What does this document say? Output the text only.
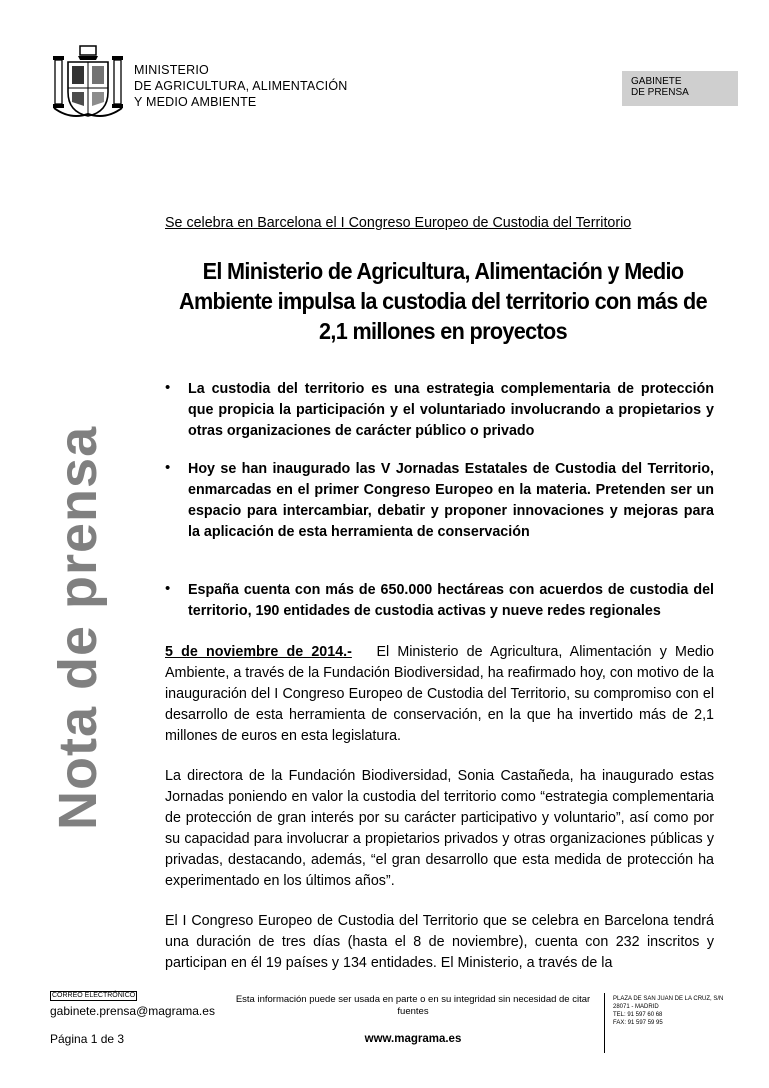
MINISTERIO
DE AGRICULTURA, ALIMENTACIÓN
Y MEDIO AMBIENTE
GABINETE
DE PRENSA
Nota de prensa
Se celebra en Barcelona el I Congreso Europeo de Custodia del Territorio
El Ministerio de Agricultura, Alimentación y Medio Ambiente impulsa la custodia del territorio con más de 2,1 millones en proyectos
• La custodia del territorio es una estrategia complementaria de protección que propicia la participación y el voluntariado involucrando a propietarios y otras organizaciones de carácter público o privado
• Hoy se han inaugurado las V Jornadas Estatales de Custodia del Territorio, enmarcadas en el primer Congreso Europeo en la materia. Pretenden ser un espacio para intercambiar, debatir y proponer innovaciones y mejoras para la aplicación de esta herramienta de conservación
• España cuenta con más de 650.000 hectáreas con acuerdos de custodia del territorio, 190 entidades de custodia activas y nueve redes regionales
5 de noviembre de 2014.- El Ministerio de Agricultura, Alimentación y Medio Ambiente, a través de la Fundación Biodiversidad, ha reafirmado hoy, con motivo de la inauguración del I Congreso Europeo de Custodia del Territorio, su compromiso con el desarrollo de esta herramienta de conservación, en la que ha invertido más de 2,1 millones de euros en esta legislatura.
La directora de la Fundación Biodiversidad, Sonia Castañeda, ha inaugurado estas Jornadas poniendo en valor la custodia del territorio como “estrategia complementaria de protección de gran interés por su carácter participativo y voluntario”, así como por su capacidad para involucrar a propietarios privados y otras organizaciones públicas y privadas, destacando, además, “el gran desarrollo que esta medida de protección ha experimentado en los últimos años”.
El I Congreso Europeo de Custodia del Territorio que se celebra en Barcelona tendrá una duración de tres días (hasta el 8 de noviembre), cuenta con 232 inscritos y participan en él 19 países y 134 entidades. El Ministerio, a través de la
CORREO ELECTRÓNICO
gabinete.prensa@magrama.es
Esta información puede ser usada en parte o en su integridad sin necesidad de citar fuentes
PLAZA DE SAN JUAN DE LA CRUZ, S/N
28071 - MADRID
TEL: 91 597 60 68
FAX: 91 597 59 95
Página 1 de 3	www.magrama.es
